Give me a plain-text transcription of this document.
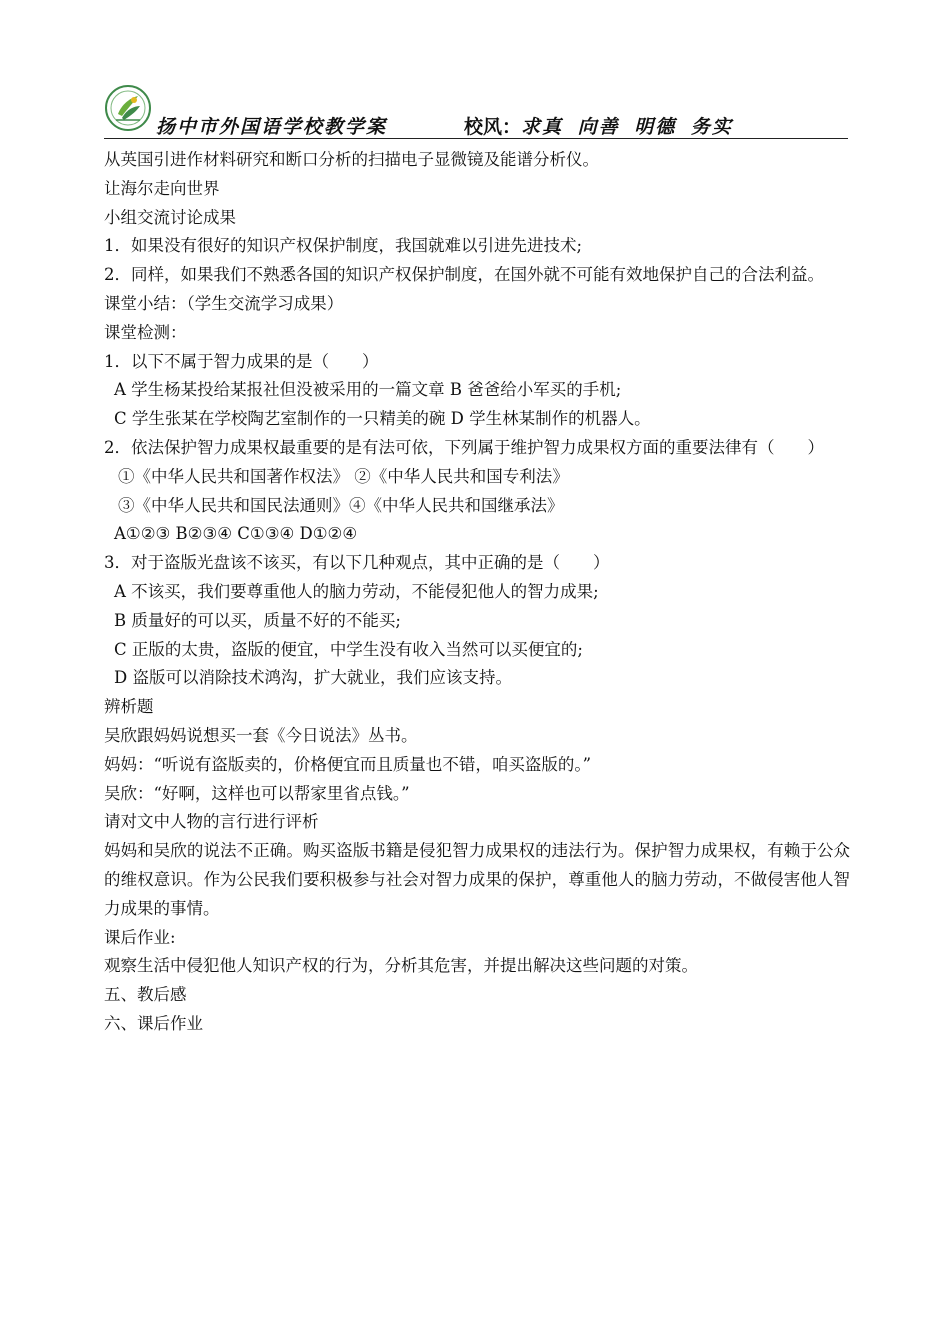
扬中市外国语学校教学案	校风：求真 向善 明德 务实
从英国引进作材料研究和断口分析的扫描电子显微镜及能谱分析仪。
让海尔走向世界
小组交流讨论成果
1．如果没有很好的知识产权保护制度，我国就难以引进先进技术;
2．同样，如果我们不熟悉各国的知识产权保护制度，在国外就不可能有效地保护自己的合法利益。
课堂小结：（学生交流学习成果）
课堂检测：
1．以下不属于智力成果的是（　　）
A 学生杨某投给某报社但没被采用的一篇文章 B 爸爸给小军买的手机;
C 学生张某在学校陶艺室制作的一只精美的碗 D 学生林某制作的机器人。
2．依法保护智力成果权最重要的是有法可依，下列属于维护智力成果权方面的重要法律有（　　）
①《中华人民共和国著作权法》 ②《中华人民共和国专利法》
③《中华人民共和国民法通则》④《中华人民共和国继承法》
A①②③ B②③④ C①③④ D①②④
3．对于盗版光盘该不该买，有以下几种观点，其中正确的是（　　）
A 不该买，我们要尊重他人的脑力劳动，不能侵犯他人的智力成果;
B 质量好的可以买，质量不好的不能买;
C 正版的太贵，盗版的便宜，中学生没有收入当然可以买便宜的;
D 盗版可以消除技术鸿沟，扩大就业，我们应该支持。
辨析题
吴欣跟妈妈说想买一套《今日说法》丛书。
妈妈：“听说有盗版卖的，价格便宜而且质量也不错，咱买盗版的。”
吴欣：“好啊，这样也可以帮家里省点钱。”
请对文中人物的言行进行评析
妈妈和吴欣的说法不正确。购买盗版书籍是侵犯智力成果权的违法行为。保护智力成果权，有赖于公众的维权意识。作为公民我们要积极参与社会对智力成果的保护，尊重他人的脑力劳动，不做侵害他人智力成果的事情。
课后作业:
观察生活中侵犯他人知识产权的行为，分析其危害，并提出解决这些问题的对策。
五、教后感
六、课后作业
